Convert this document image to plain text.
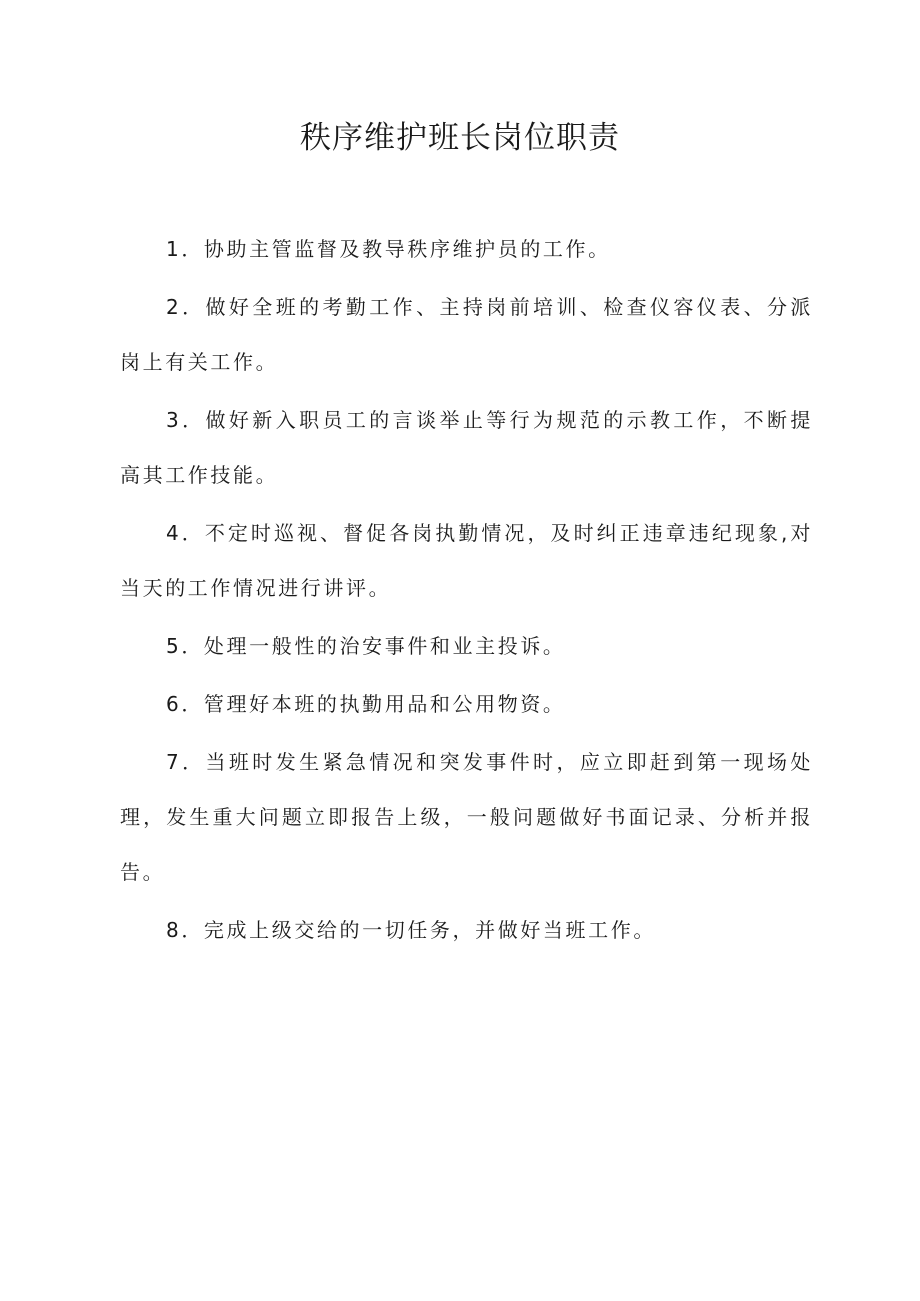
秩序维护班长岗位职责

1．协助主管监督及教导秩序维护员的工作。

2．做好全班的考勤工作、主持岗前培训、检查仪容仪表、分派岗上有关工作。

3．做好新入职员工的言谈举止等行为规范的示教工作，不断提高其工作技能。

4．不定时巡视、督促各岗执勤情况，及时纠正违章违纪现象,对当天的工作情况进行讲评。

5．处理一般性的治安事件和业主投诉。

6．管理好本班的执勤用品和公用物资。

7．当班时发生紧急情况和突发事件时，应立即赶到第一现场处理，发生重大问题立即报告上级，一般问题做好书面记录、分析并报告。

8．完成上级交给的一切任务，并做好当班工作。
